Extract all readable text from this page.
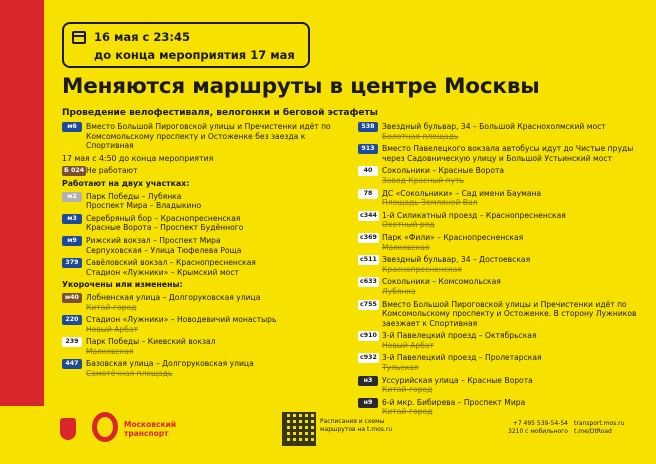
16 мая с 23:45
до конца мероприятия 17 мая
Меняются маршруты в центре Москвы
Проведение велофестиваля, велогонки и беговой эстафеты
м6	Вместо Большой Пироговской улицы и Пречистенки идёт по Комсомольскому проспекту и Остоженке без заезда к Спортивная
17 мая с 4:50 до конца мероприятия
Б 024 Не работают
Работают на двух участках:
м2	Парк Победы – Лубянка
Проспект Мира – Владыкино
м3	Серебряный бор – Краснопресненская
Красные Ворота – Проспект Будённого
м9	Рижский вокзал – Проспект Мира
Серпуховская – Улица Тюфелева Роща
379 Савёловский вокзал – Краснопресненская
Стадион «Лужники» – Крымский мост
Укорочены или изменены:
м40 Лобненская улица – Долгоруковская улица
Китай-город
220 Стадион «Лужники» – Новодевичий монастырь
Новый Арбат
239 Парк Победы – Киевский вокзал
Маяковская
447 Базовская улица – Долгоруковская улица
Самотёчная площадь
538 Звездный бульвар, 34 – Большой Краснохолмский мост
Болотная площадь
913 Вместо Павелецкого вокзала автобусы идут до Чистые пруды через Садовническую улицу и Большой Устьинский мост
40	Сокольники – Красные Ворота
Завод Красный путь
78	ДС «Сокольники» – Сад имени Баумана
Площадь Земляной Вал
с344 1-й Силикатный проезд – Краснопресненская
Охотный ряд
с369 Парк «Фили» – Краснопресненская
Маяковская
с511 Звездный бульвар, 34 – Достоевская
Краснопресненская
с633 Сокольники – Комсомольская
Лубянка
с755 Вместо Большой Пироговской улицы и Пречистенки идёт по Комсомольскому проспекту и Остоженке. В сторону Лужников заезжает к Спортивная
с910 3-й Павелецкий проезд – Октябрьская
Новый Арбат
с932 3-й Павелецкий проезд – Пролетарская
Тульская
н3	Уссурийская улица – Красные Ворота
Китай-город
н9	6-й мкр. Бибирева – Проспект Мира
Китай-город
Московский транспорт
Расписания и схемы маршрутов на t.mos.ru
+7 495 539-54-54
3210 с мобильного
transport.mos.ru
t.me/DtRoad
